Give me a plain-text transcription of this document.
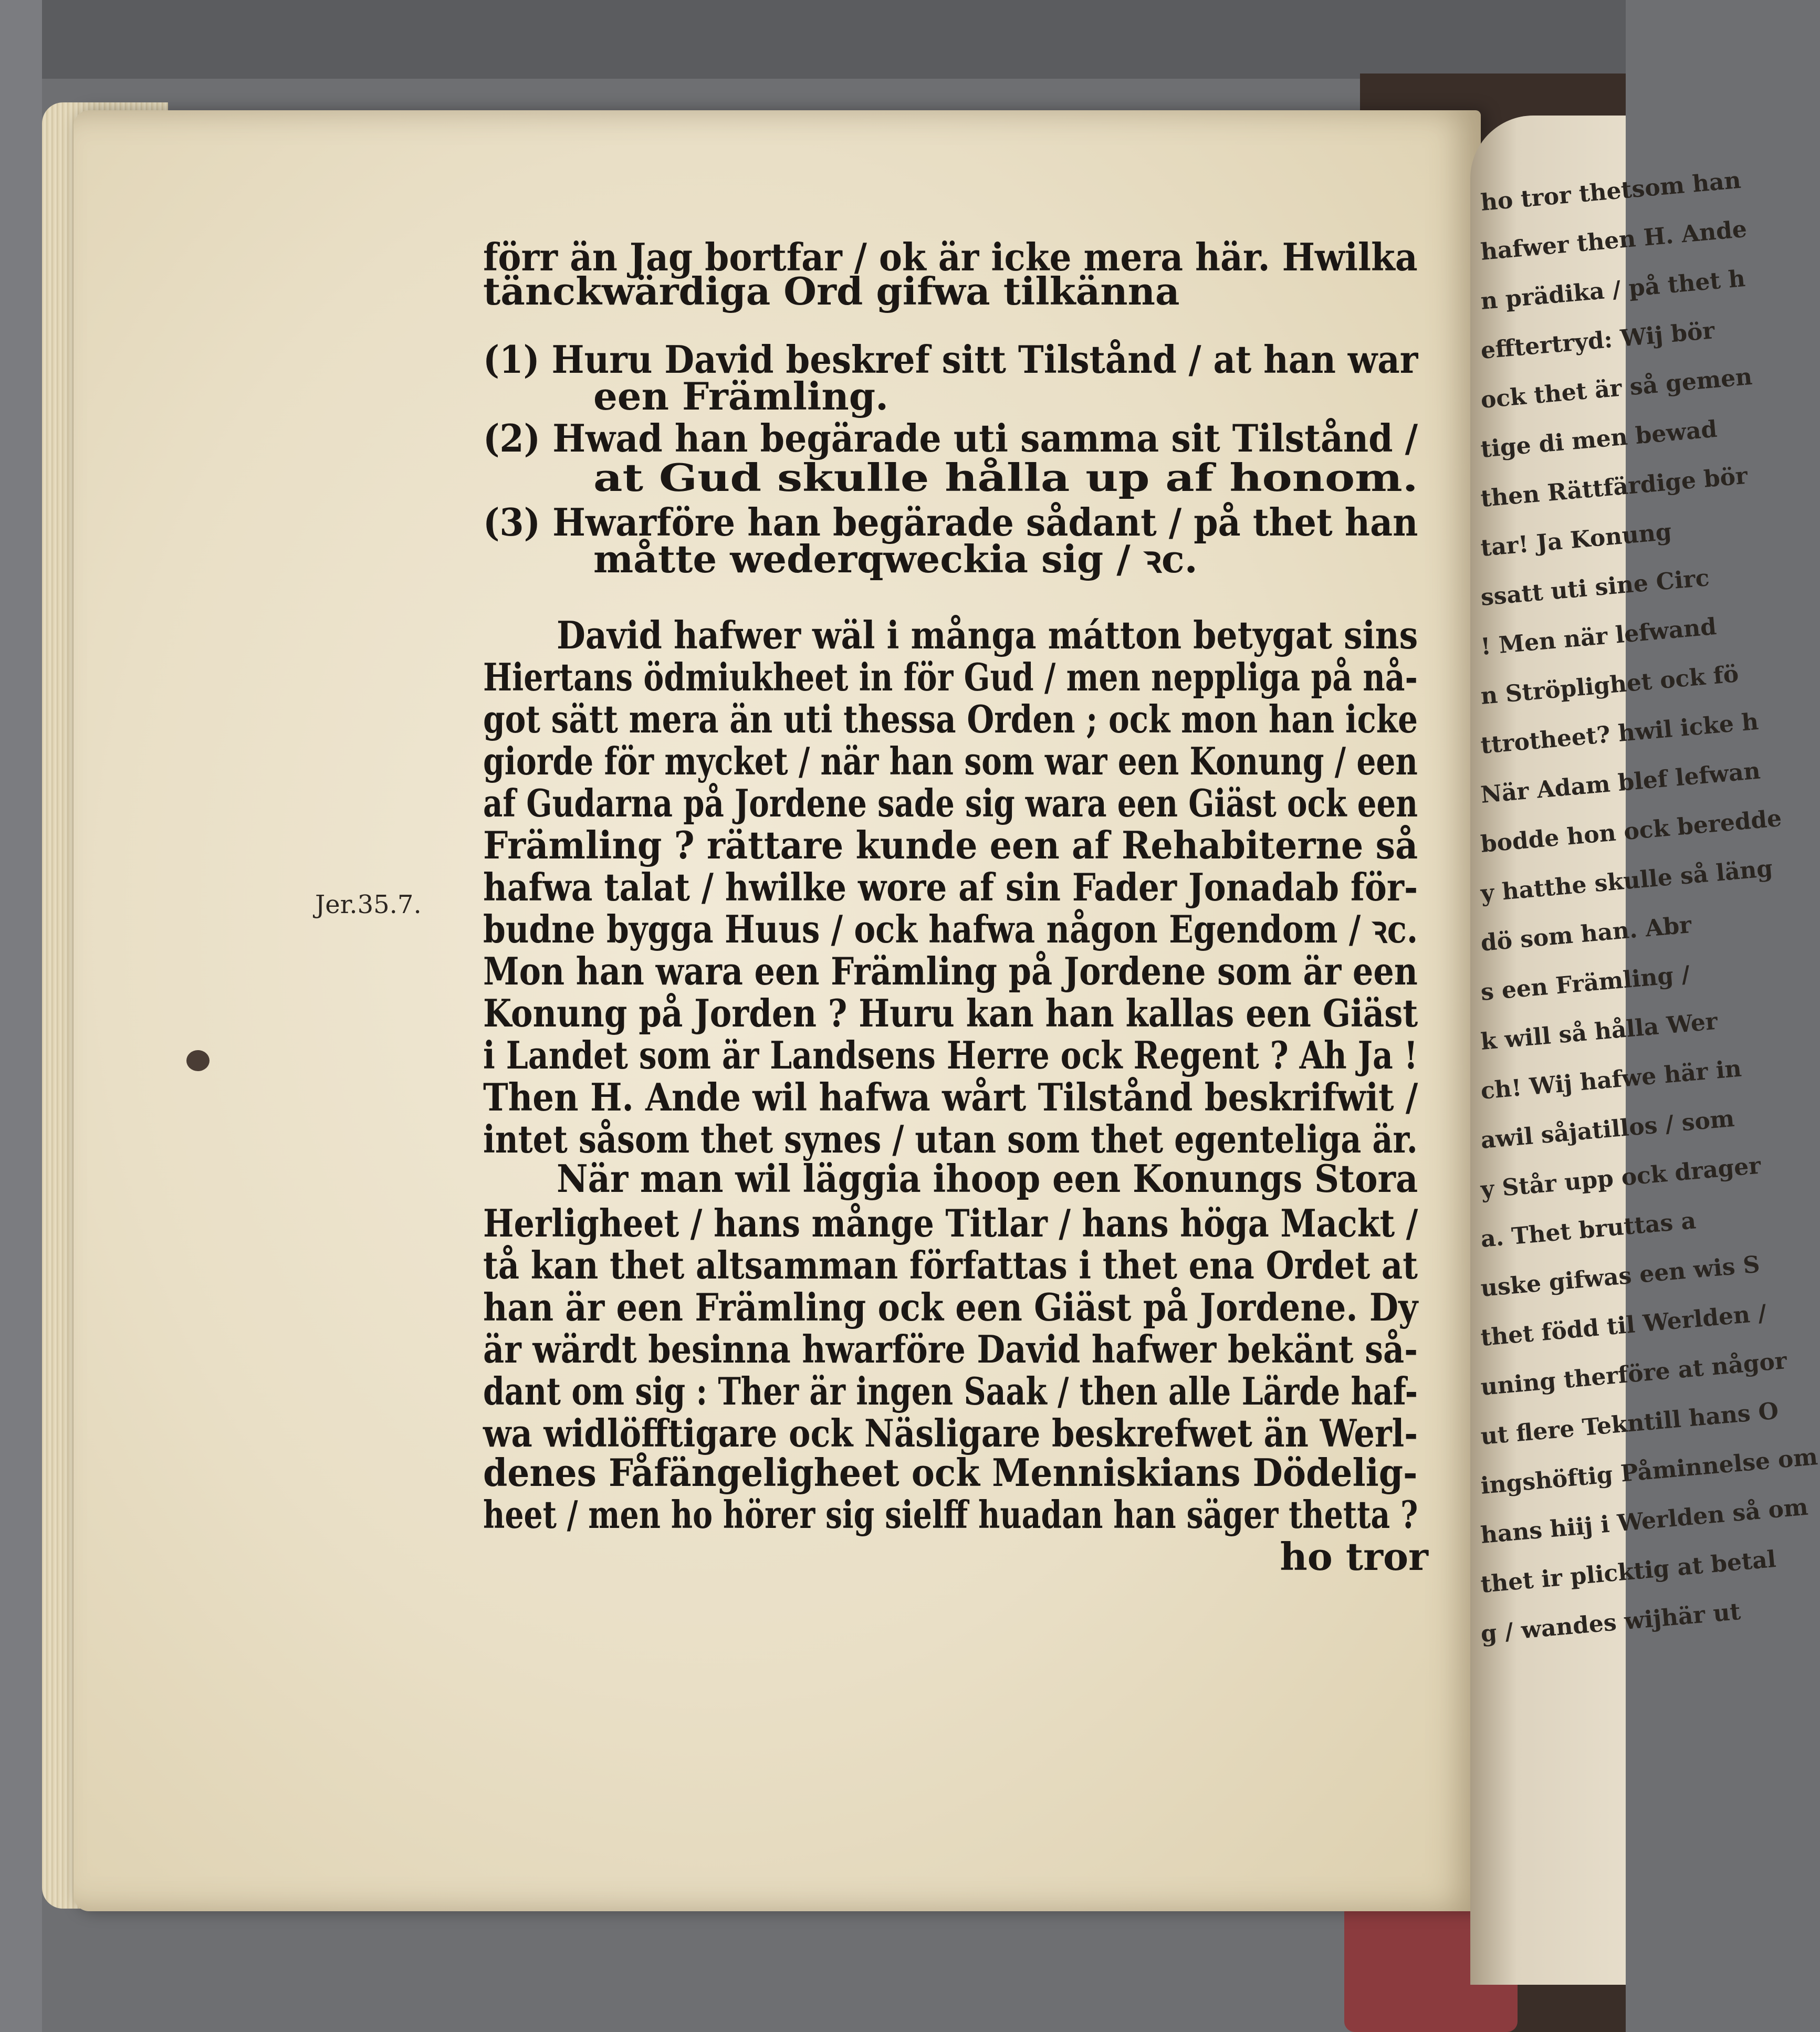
ho tror thetsom han
hafwer then H. Ande
n prädika / på thet h
efftertryd: Wij bör
ock thet är så gemen
tige di men bewad
then Rättfärdige bör
tar! Ja Konung
ssatt uti sine Circ
! Men när lefwand
n Ströplighet ock fö
ttrotheet? hwil icke h
När Adam blef lefwan
bodde hon ock beredde
y hatthe skulle så läng
dö som han. Abr
s een Främling /
k will så hålla Wer
ch! Wij hafwe här in
awil såjatillos / som
y Står upp ock drager
a. Thet bruttas a
uske gifwas een wis S
thet född til Werlden /
uning therföre at någor
ut flere Tekntill hans O
ingshöftig Påminnelse om
hans hiij i Werlden så om
thet ir plicktig at betal
g / wandes wijhär ut
Jer.35.7.
förr än Jag bortfar / ok är icke mera här. Hwilka
tänckwärdiga Ord gifwa tilkänna
(1) Huru David beskref sitt Tilstånd / at han war
een Främling.
(2) Hwad han begärade uti samma sit Tilstånd /
at Gud skulle hålla up af honom.
(3) Hwarföre han begärade sådant / på thet han
måtte wederqweckia sig / ꝛc.
David hafwer wäl i många mátton betygat sins
Hiertans ödmiukheet in för Gud / men neppliga på nå-
got sätt mera än uti thessa Orden ; ock mon han icke
giorde för mycket / när han som war een Konung / een
af Gudarna på Jordene sade sig wara een Giäst ock een
Främling ? rättare kunde een af Rehabiterne så
hafwa talat / hwilke wore af sin Fader Jonadab för-
budne bygga Huus / ock hafwa någon Egendom / ꝛc.
Mon han wara een Främling på Jordene som är een
Konung på Jorden ? Huru kan han kallas een Giäst
i Landet som är Landsens Herre ock Regent ? Ah Ja !
Then H. Ande wil hafwa wårt Tilstånd beskrifwit /
intet såsom thet synes / utan som thet egenteliga är.
När man wil läggia ihoop een Konungs Stora
Herligheet / hans månge Titlar / hans höga Mackt /
tå kan thet altsamman författas i thet ena Ordet at
han är een Främling ock een Giäst på Jordene. Dy
är wärdt besinna hwarföre David hafwer bekänt så-
dant om sig : Ther är ingen Saak / then alle Lärde haf-
wa widlöfftigare ock Näsligare beskrefwet än Werl-
denes Fåfängeligheet ock Menniskians Dödelig-
heet / men ho hörer sig sielff huadan han säger thetta ?
ho tror
